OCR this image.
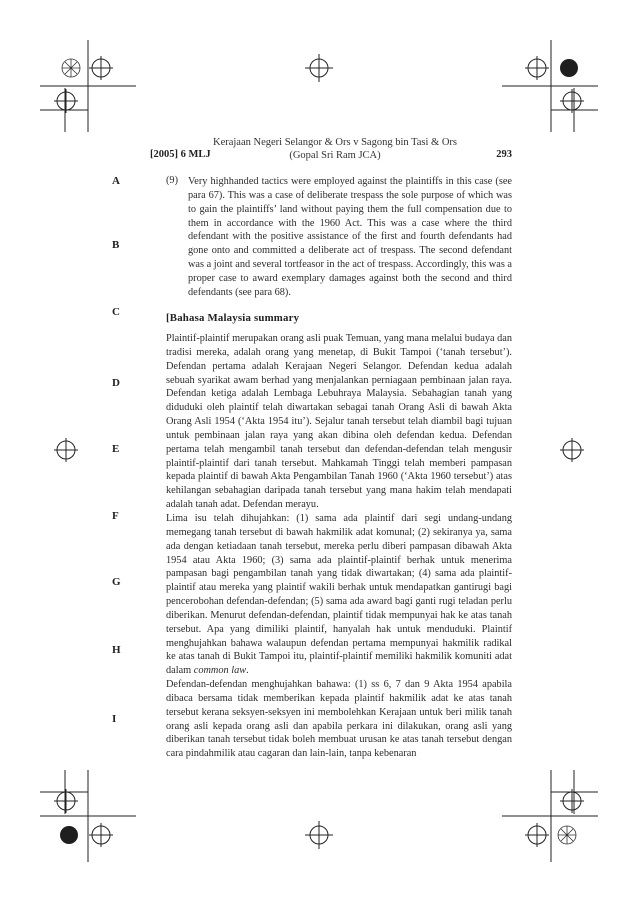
Kerajaan Negeri Selangor & Ors v Sagong bin Tasi & Ors
[2005] 6 MLJ	(Gopal Sri Ram JCA)	293
A
B
C
D
E
F
G
H
I
(9) Very highhanded tactics were employed against the plaintiffs in this case (see para 67). This was a case of deliberate trespass the sole purpose of which was to gain the plaintiffs’ land without paying them the full compensation due to them in accordance with the 1960 Act. This was a case where the third defendant with the positive assistance of the first and fourth defendants had gone onto and committed a deliberate act of trespass. The second defendant was a joint and several tortfeasor in the act of trespass. Accordingly, this was a proper case to award exemplary damages against both the second and third defendants (see para 68).
[Bahasa Malaysia summary
Plaintif-plaintif merupakan orang asli puak Temuan, yang mana melalui budaya dan tradisi mereka, adalah orang yang menetap, di Bukit Tampoi (‘tanah tersebut’). Defendan pertama adalah Kerajaan Negeri Selangor. Defendan kedua adalah sebuah syarikat awam berhad yang menjalankan perniagaan pembinaan jalan raya. Defendan ketiga adalah Lembaga Lebuhraya Malaysia. Sebahagian tanah yang diduduki oleh plaintif telah diwartakan sebagai tanah Orang Asli di bawah Akta Orang Asli 1954 (‘Akta 1954 itu’). Sejalur tanah tersebut telah diambil bagi tujuan untuk pembinaan jalan raya yang akan dibina oleh defendan kedua. Defendan pertama telah mengambil tanah tersebut dan defendan-defendan telah mengusir plaintif-plaintif dari tanah tersebut. Mahkamah Tinggi telah memberi pampasan kepada plaintif di bawah Akta Pengambilan Tanah 1960 (‘Akta 1960 tersebut’) atas kehilangan sebahagian daripada tanah tersebut yang mana hakim telah mendapati adalah tanah adat. Defendan merayu.
Lima isu telah dihujahkan: (1) sama ada plaintif dari segi undang-undang memegang tanah tersebut di bawah hakmilik adat komunal; (2) sekiranya ya, sama ada dengan ketiadaan tanah tersebut, mereka perlu diberi pampasan dibawah Akta 1954 atau Akta 1960; (3) sama ada plaintif-plaintif berhak untuk menerima pampasan bagi pengambilan tanah yang tidak diwartakan; (4) sama ada plaintif-plaintif atau mereka yang plaintif wakili berhak untuk mendapatkan gantirugi bagi pencerobohan defendan-defendan; (5) sama ada award bagi ganti rugi teladan perlu diberikan. Menurut defendan-defendan, plaintif tidak mempunyai hak ke atas tanah tersebut. Apa yang dimiliki plaintif, hanyalah hak untuk menduduki. Plaintif menghujahkan bahawa walaupun defendan pertama mempunyai hakmilik radikal ke atas tanah di Bukit Tampoi itu, plaintif-plaintif memiliki hakmilik komuniti adat dalam common law.
Defendan-defendan menghujahkan bahawa: (1) ss 6, 7 dan 9 Akta 1954 apabila dibaca bersama tidak memberikan kepada plaintif hakmilik adat ke atas tanah tersebut kerana seksyen-seksyen ini membolehkan Kerajaan untuk beri milik tanah orang asli kepada orang asli dan apabila perkara ini dilakukan, orang asli yang diberikan tanah tersebut tidak boleh membuat urusan ke atas tanah tersebut dengan cara pindahmilik atau cagaran dan lain-lain, tanpa kebenaran
